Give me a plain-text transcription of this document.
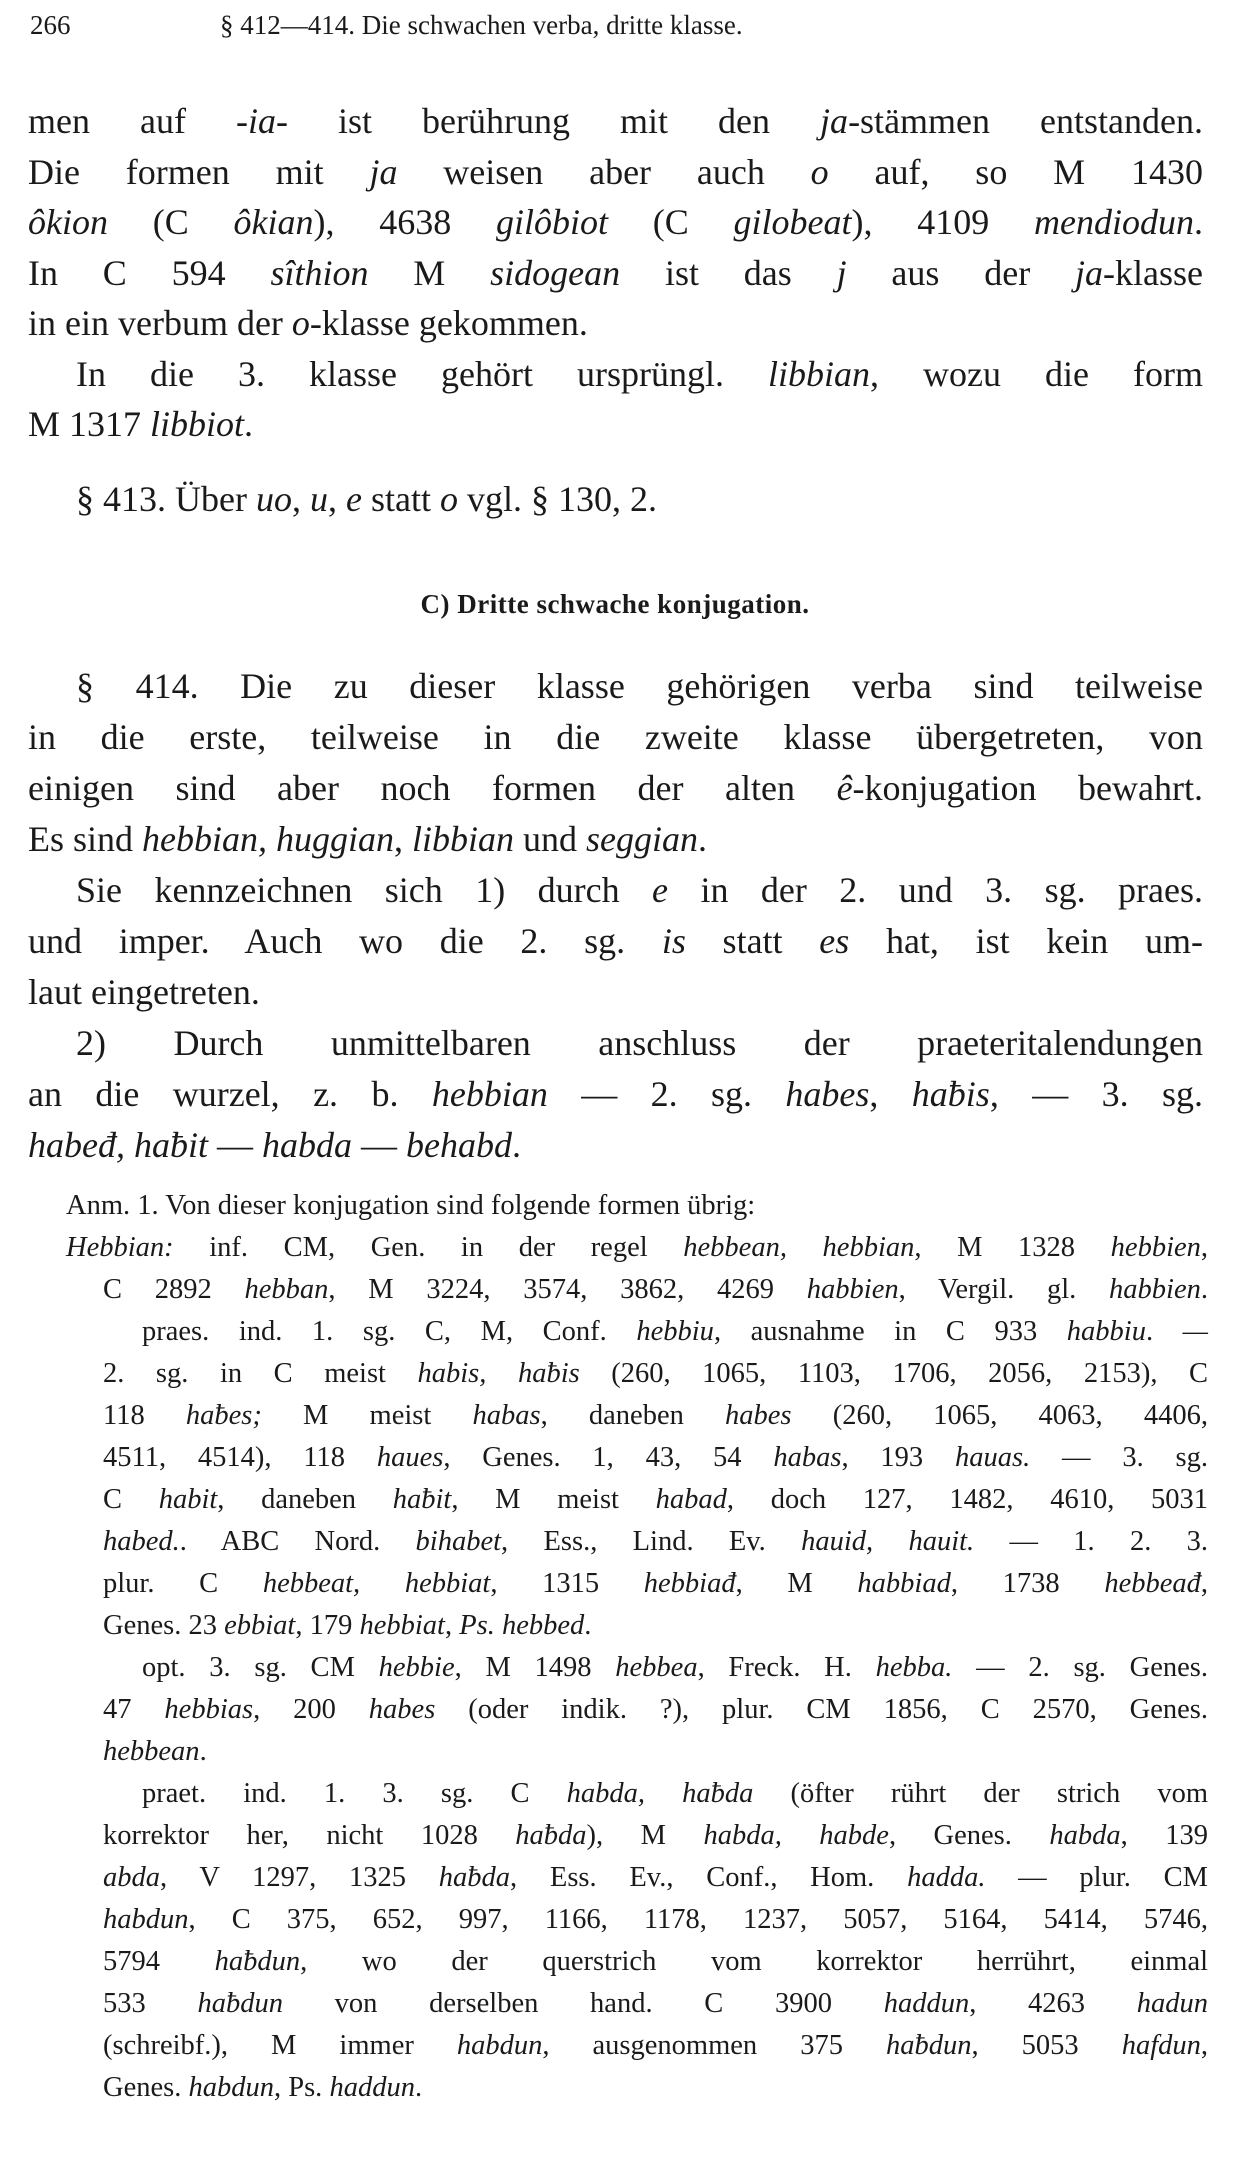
266	§ 412—414. Die schwachen verba, dritte klasse.
C) Dritte schwache konjugation.
men auf -ia- ist berührung mit den ja-stämmen entstanden.
Die formen mit ja weisen aber auch o auf, so M 1430
ôkion (C ôkian), 4638 gilôbiot (C gilobeat), 4109 mendiodun.
In C 594 sîthion M sidogean ist das j aus der ja-klasse
in ein verbum der o-klasse gekommen.
In die 3. klasse gehört ursprüngl. libbian, wozu die form
M 1317 libbiot.
§ 413. Über uo, u, e statt o vgl. § 130, 2.
§ 414. Die zu dieser klasse gehörigen verba sind teilweise
in die erste, teilweise in die zweite klasse übergetreten, von
einigen sind aber noch formen der alten ê-konjugation bewahrt.
Es sind hebbian, huggian, libbian und seggian.
Sie kennzeichnen sich 1) durch e in der 2. und 3. sg. praes.
und imper. Auch wo die 2. sg. is statt es hat, ist kein um-
laut eingetreten.
2) Durch unmittelbaren anschluss der praeteritalendungen
an die wurzel, z. b. hebbian — 2. sg. habes, haƀis, — 3. sg.
habeđ, haƀit — habda — behabd.
Anm. 1. Von dieser konjugation sind folgende formen übrig:
Hebbian: inf. CM, Gen. in der regel hebbean, hebbian, M 1328 hebbien,
C 2892 hebban, M 3224, 3574, 3862, 4269 habbien, Vergil. gl. habbien.
praes. ind. 1. sg. C, M, Conf. hebbiu, ausnahme in C 933 habbiu. —
2. sg. in C meist habis, haƀis (260, 1065, 1103, 1706, 2056, 2153), C
118 haƀes; M meist habas, daneben habes (260, 1065, 4063, 4406,
4511, 4514), 118 haues, Genes. 1, 43, 54 habas, 193 hauas. — 3. sg.
C habit, daneben haƀit, M meist habad, doch 127, 1482, 4610, 5031
habed.. ABC Nord. bihabet, Ess., Lind. Ev. hauid, hauit. — 1. 2. 3.
plur. C hebbeat, hebbiat, 1315 hebbiađ, M habbiad, 1738 hebbeađ,
Genes. 23 ebbiat, 179 hebbiat, Ps. hebbed.
opt. 3. sg. CM hebbie, M 1498 hebbea, Freck. H. hebba. — 2. sg. Genes.
47 hebbias, 200 habes (oder indik. ?), plur. CM 1856, C 2570, Genes.
hebbean.
praet. ind. 1. 3. sg. C habda, haƀda (öfter rührt der strich vom
korrektor her, nicht 1028 haƀda), M habda, habde, Genes. habda, 139
abda, V 1297, 1325 haƀda, Ess. Ev., Conf., Hom. hadda. — plur. CM
habdun, C 375, 652, 997, 1166, 1178, 1237, 5057, 5164, 5414, 5746,
5794 haƀdun, wo der querstrich vom korrektor herrührt, einmal
533 haƀdun von derselben hand. C 3900 haddun, 4263 hadun
(schreibf.), M immer habdun, ausgenommen 375 haƀdun, 5053 hafdun,
Genes. habdun, Ps. haddun.
